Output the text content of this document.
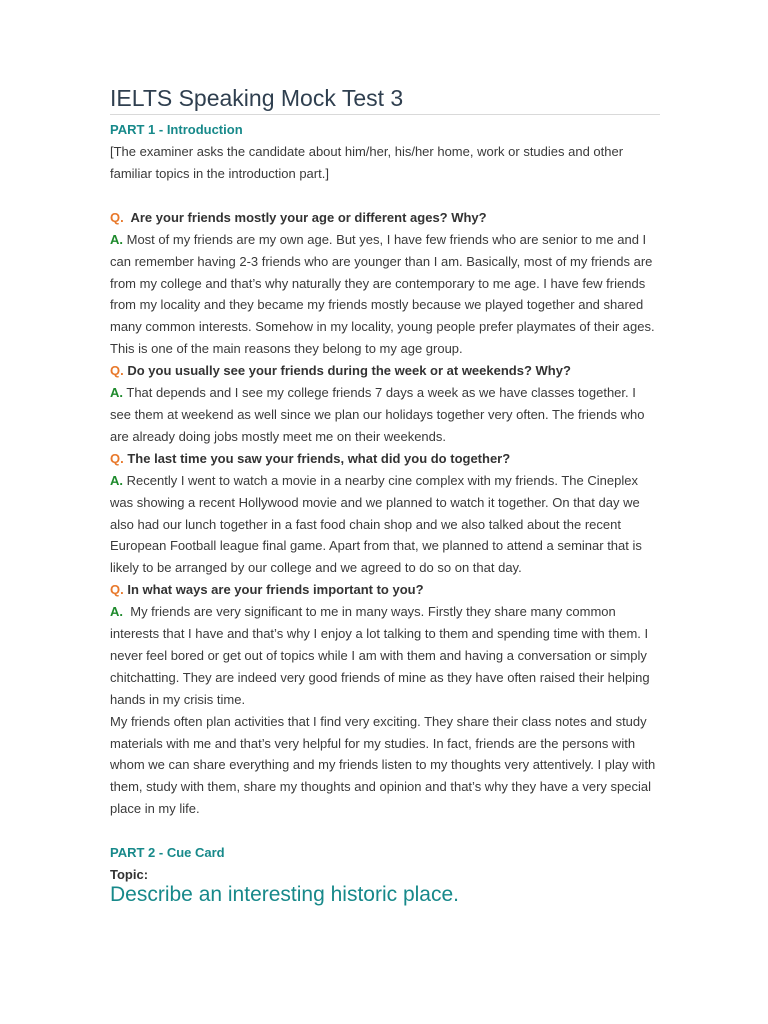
IELTS Speaking Mock Test 3

PART 1 - Introduction

[The examiner asks the candidate about him/her, his/her home, work or studies and other familiar topics in the introduction part.]

Q. Are your friends mostly your age or different ages? Why?

A. Most of my friends are my own age. But yes, I have few friends who are senior to me and I can remember having 2-3 friends who are younger than I am. Basically, most of my friends are from my college and that’s why naturally they are contemporary to me age. I have few friends from my locality and they became my friends mostly because we played together and shared many common interests. Somehow in my locality, young people prefer playmates of their ages. This is one of the main reasons they belong to my age group.

Q. Do you usually see your friends during the week or at weekends? Why?

A. That depends and I see my college friends 7 days a week as we have classes together. I see them at weekend as well since we plan our holidays together very often. The friends who are already doing jobs mostly meet me on their weekends.

Q. The last time you saw your friends, what did you do together?

A. Recently I went to watch a movie in a nearby cine complex with my friends. The Cineplex was showing a recent Hollywood movie and we planned to watch it together. On that day we also had our lunch together in a fast food chain shop and we also talked about the recent European Football league final game. Apart from that, we planned to attend a seminar that is likely to be arranged by our college and we agreed to do so on that day.

Q. In what ways are your friends important to you?

A. My friends are very significant to me in many ways. Firstly they share many common interests that I have and that’s why I enjoy a lot talking to them and spending time with them. I never feel bored or get out of topics while I am with them and having a conversation or simply chitchatting. They are indeed very good friends of mine as they have often raised their helping hands in my crisis time.

My friends often plan activities that I find very exciting. They share their class notes and study materials with me and that’s very helpful for my studies. In fact, friends are the persons with whom we can share everything and my friends listen to my thoughts very attentively. I play with them, study with them, share my thoughts and opinion and that’s why they have a very special place in my life.

PART 2 - Cue Card

Topic:

Describe an interesting historic place.
